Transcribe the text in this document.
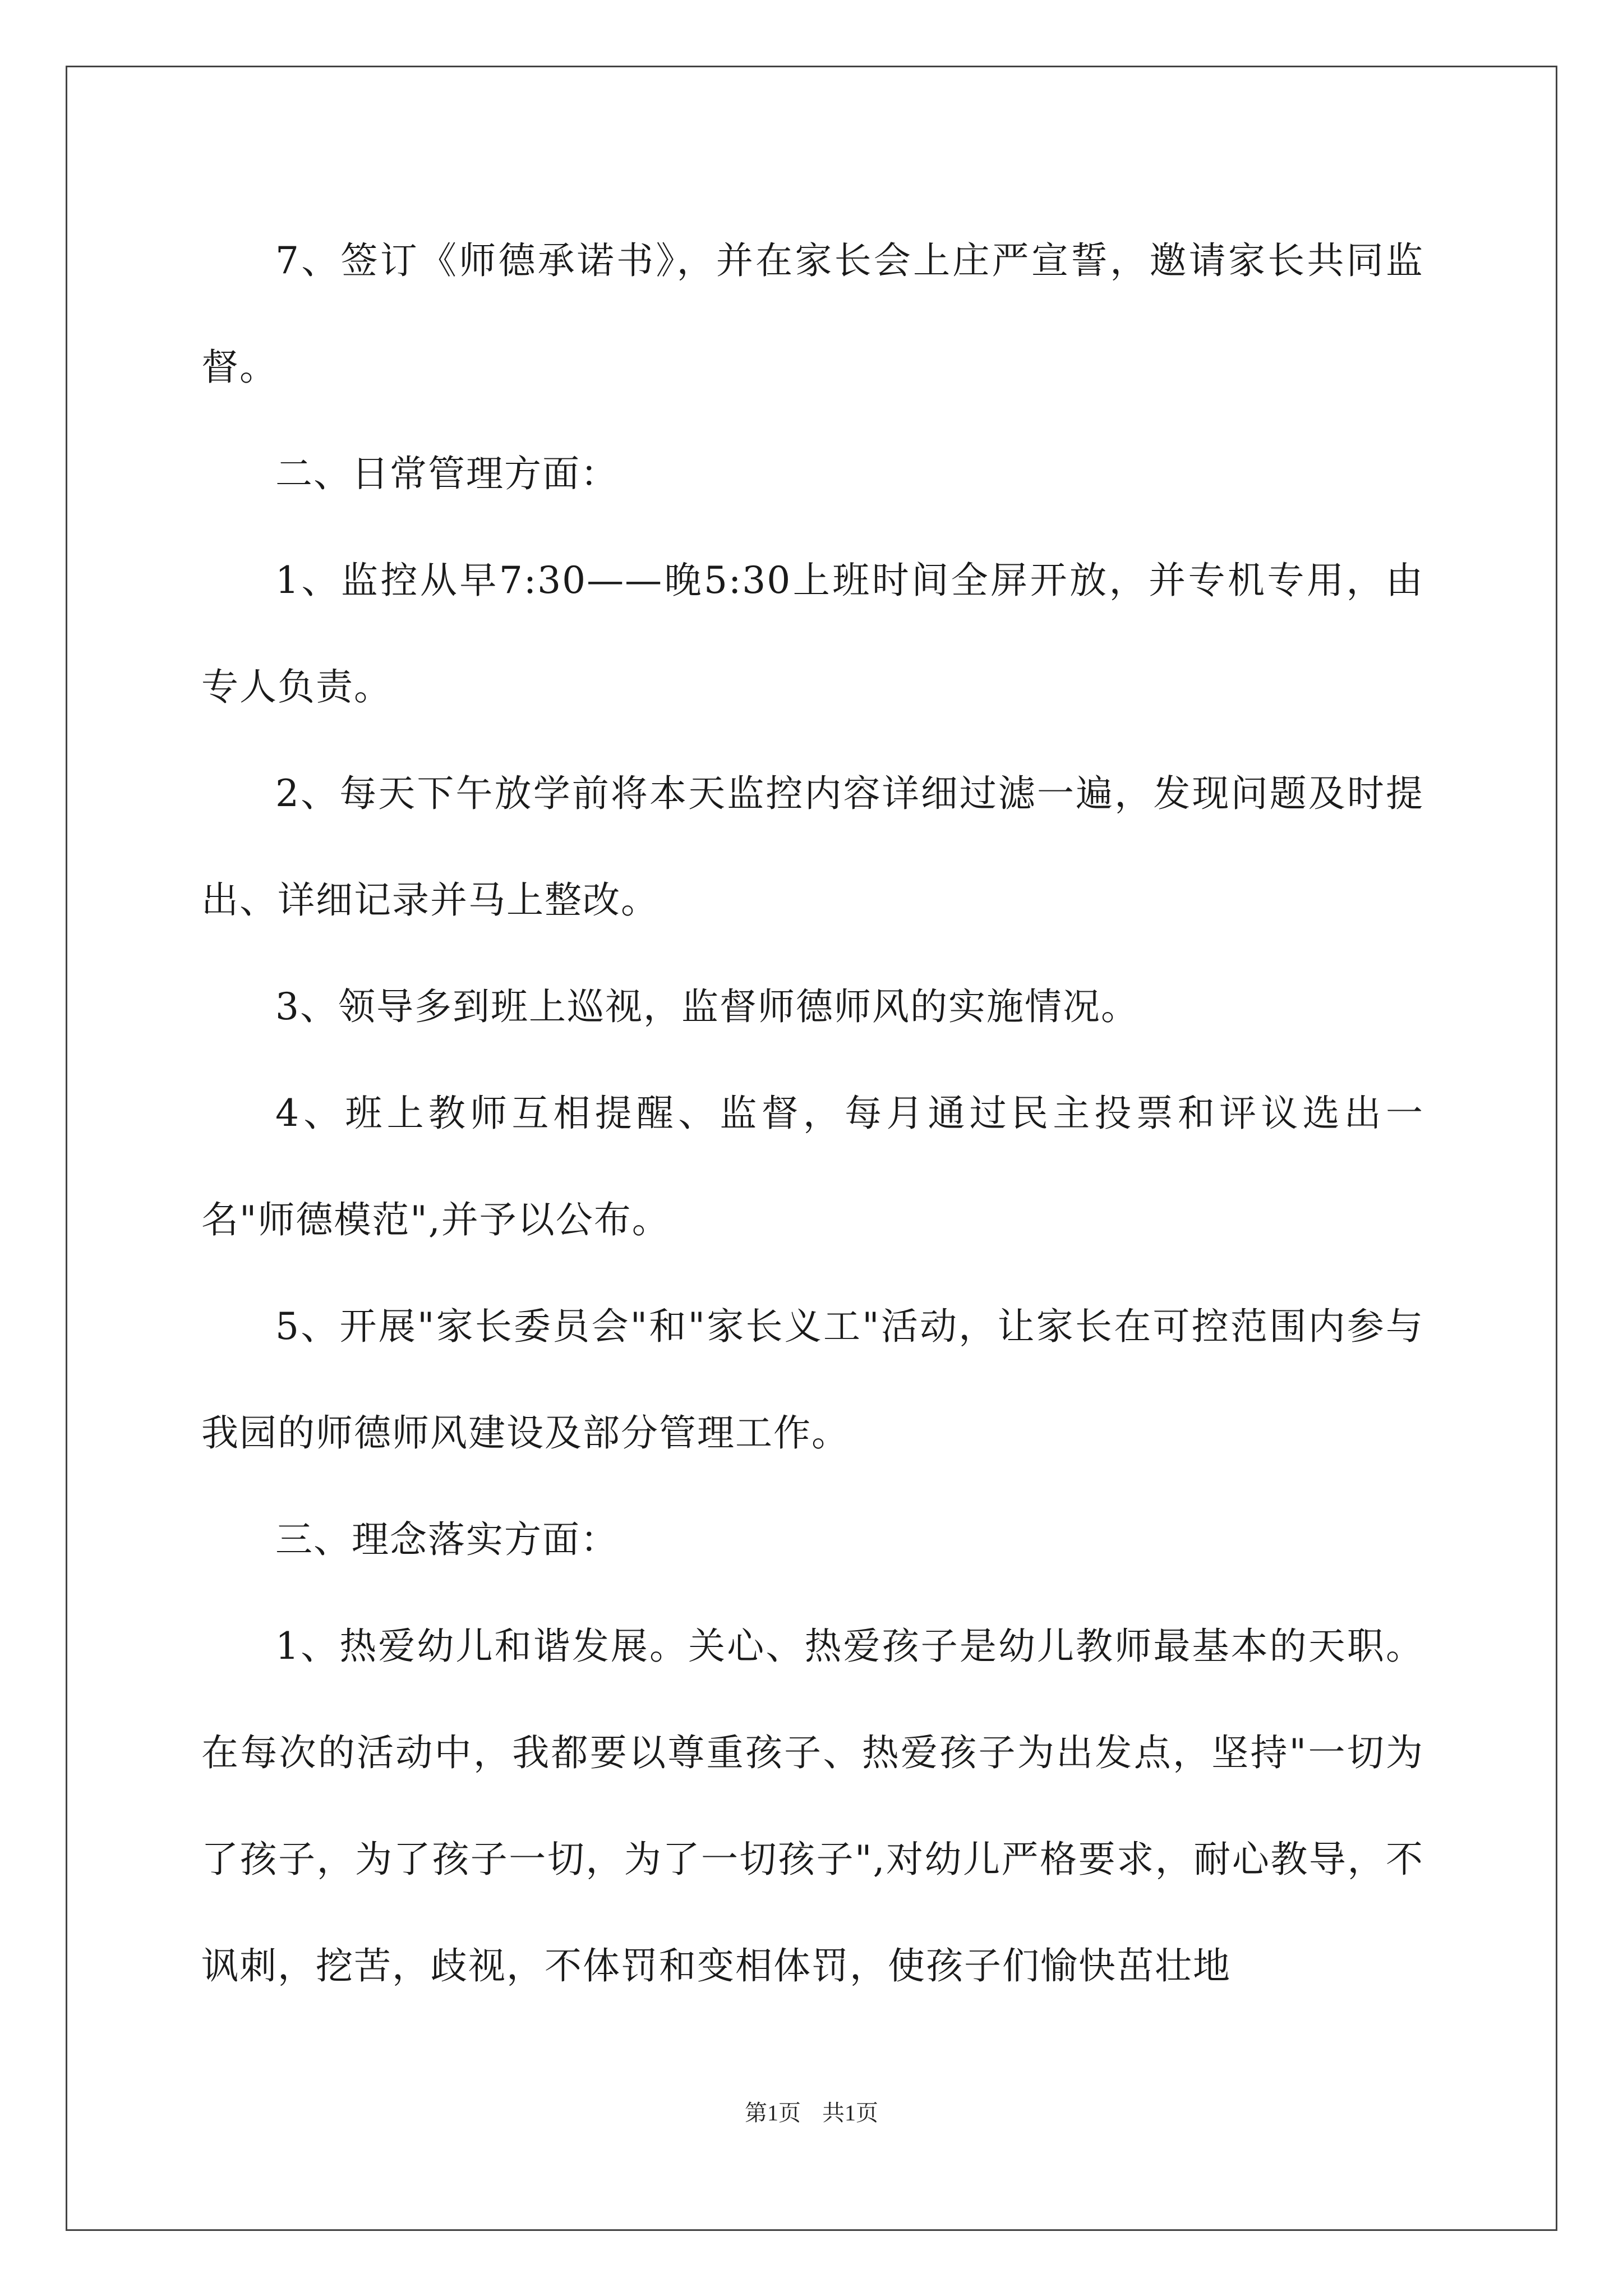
7、签订《师德承诺书》，并在家长会上庄严宣誓，邀请家长共同监督。

二、日常管理方面：

1、监控从早7:30——晚5:30上班时间全屏开放，并专机专用，由专人负责。

2、每天下午放学前将本天监控内容详细过滤一遍，发现问题及时提出、详细记录并马上整改。

3、领导多到班上巡视，监督师德师风的实施情况。

4、班上教师互相提醒、监督，每月通过民主投票和评议选出一名"师德模范",并予以公布。

5、开展"家长委员会"和"家长义工"活动，让家长在可控范围内参与我园的师德师风建设及部分管理工作。

三、理念落实方面：

1、热爱幼儿和谐发展。关心、热爱孩子是幼儿教师最基本的天职。在每次的活动中，我都要以尊重孩子、热爱孩子为出发点，坚持"一切为了孩子，为了孩子一切，为了一切孩子",对幼儿严格要求，耐心教导，不讽刺，挖苦，歧视，不体罚和变相体罚，使孩子们愉快茁壮地

第1页 共1页
